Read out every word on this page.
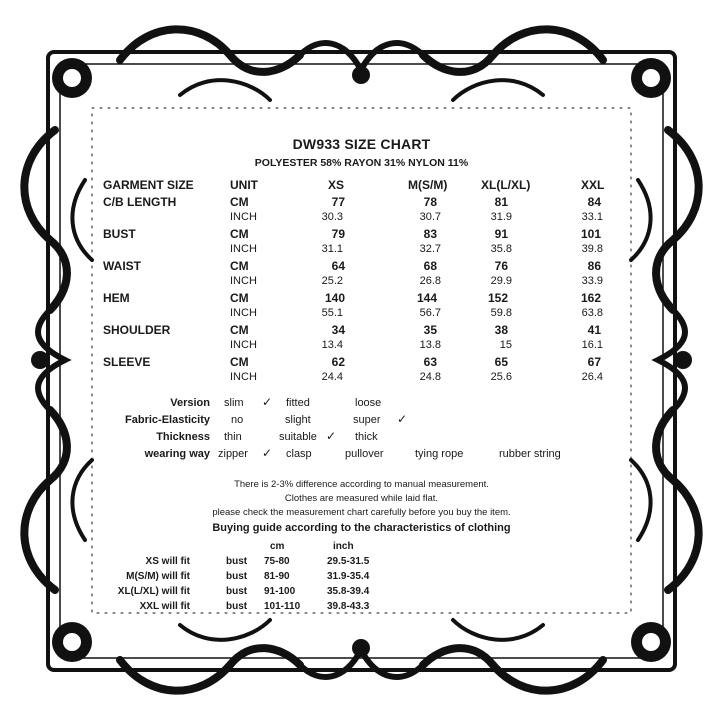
DW933 SIZE CHART
POLYESTER 58% RAYON 31% NYLON 11%
GARMENT SIZE	UNIT	XS	M(S/M)	XL(L/XL)	XXL
C/B LENGTH	CM	77	78	81	84
INCH	30.3	30.7	31.9	33.1
BUST	CM	79	83	91	101
INCH	31.1	32.7	35.8	39.8
WAIST	CM	64	68	76	86
INCH	25.2	26.8	29.9	33.9
HEM	CM	140	144	152	162
INCH	55.1	56.7	59.8	63.8
SHOULDER	CM	34	35	38	41
INCH	13.4	13.8	15	16.1
SLEEVE	CM	62	63	65	67
INCH	24.4	24.8	25.6	26.4
Version slim ✓ fitted	loose
Fabric-Elasticity no	slight	super ✓
Thickness thin	suitable ✓ thick
wearing way zipper ✓ clasp	pullover	tying rope	rubber string
There is 2-3% difference according to manual measurement.
Clothes are measured while laid flat.
please check the measurement chart carefully before you buy the item.
Buying guide according to the characteristics of clothing
cm	inch
XS will fit	bust 75-80	29.5-31.5
M(S/M) will fit	bust 81-90	31.9-35.4
XL(L/XL) will fit	bust 91-100	35.8-39.4
XXL will fit	bust 101-110	39.8-43.3
